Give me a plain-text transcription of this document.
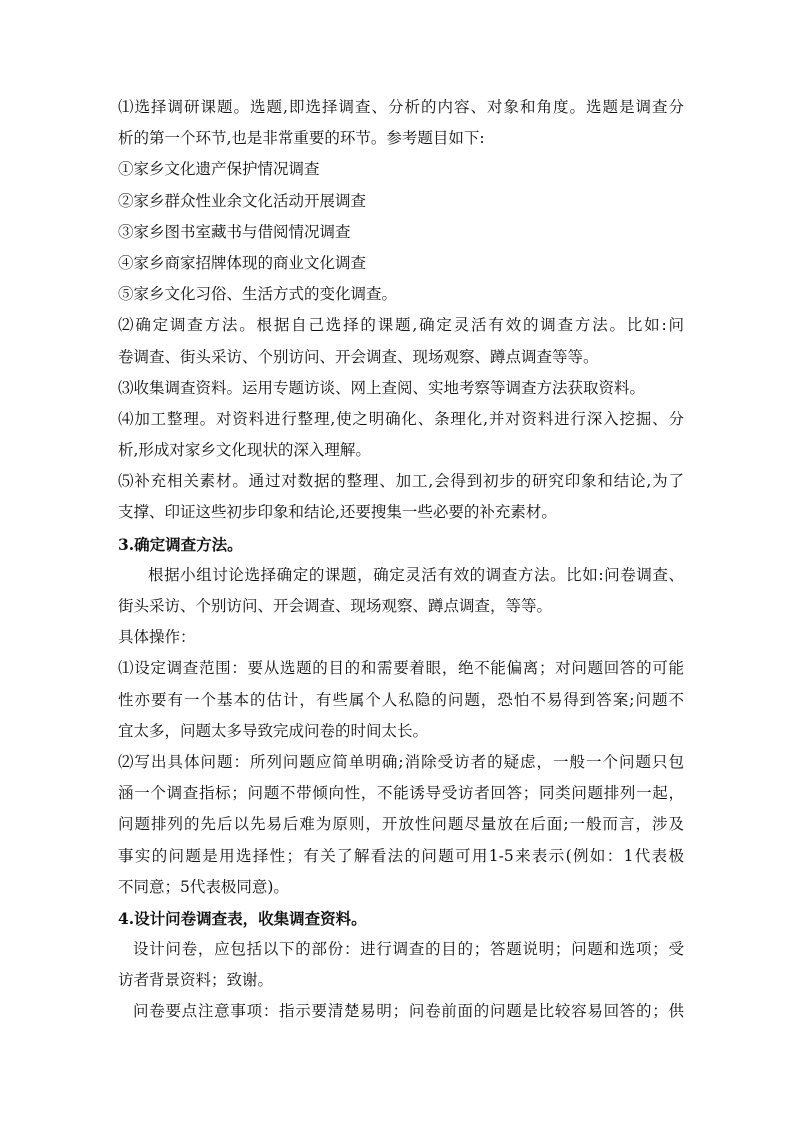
⑴选择调研课题。选题,即选择调查、分析的内容、对象和角度。选题是调查分
析的第一个环节,也是非常重要的环节。参考题目如下:
①家乡文化遗产保护情况调查
②家乡群众性业余文化活动开展调查
③家乡图书室藏书与借阅情况调查
④家乡商家招牌体现的商业文化调查
⑤家乡文化习俗、生活方式的变化调查。
⑵确定调查方法。根据自己选择的课题,确定灵活有效的调查方法。比如:问
卷调查、街头采访、个别访问、开会调查、现场观察、蹲点调查等等。
⑶收集调查资料。运用专题访谈、网上查阅、实地考察等调查方法获取资料。
⑷加工整理。对资料进行整理,使之明确化、条理化,并对资料进行深入挖掘、分
析,形成对家乡文化现状的深入理解。
⑸补充相关素材。通过对数据的整理、加工,会得到初步的研究印象和结论,为了
支撑、印证这些初步印象和结论,还要搜集一些必要的补充素材。
3.确定调查方法。
根据小组讨论选择确定的课题，确定灵活有效的调查方法。比如:问卷调查、
街头采访、个别访问、开会调查、现场观察、蹲点调查，等等。
具体操作：
⑴设定调查范围：要从选题的目的和需要着眼，绝不能偏离；对问题回答的可能
性亦要有一个基本的估计，有些属个人私隐的问题，恐怕不易得到答案;问题不
宜太多，问题太多导致完成问卷的时间太长。
⑵写出具体问题：所列问题应简单明确;消除受访者的疑虑，一般一个问题只包
涵一个调查指标；问题不带倾向性，不能诱导受访者回答；同类问题排列一起，
问题排列的先后以先易后难为原则，开放性问题尽量放在后面;一般而言，涉及
事实的问题是用选择性；有关了解看法的问题可用1-5来表示(例如：1代表极
不同意；5代表极同意)。
4.设计问卷调查表，收集调查资料。
设计问卷，应包括以下的部份：进行调查的目的；答题说明；问题和选项；受
访者背景资料；致谢。
问卷要点注意事项：指示要清楚易明；问卷前面的问题是比较容易回答的；供
